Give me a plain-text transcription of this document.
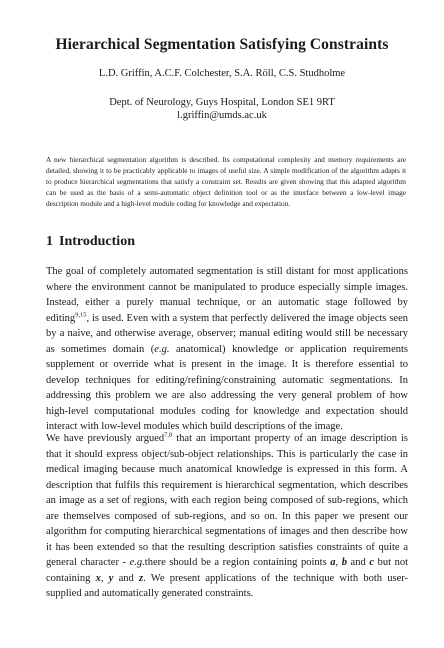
Hierarchical Segmentation Satisfying Constraints
L.D. Griffin, A.C.F. Colchester, S.A. Röll, C.S. Studholme
Dept. of Neurology, Guys Hospital, London SE1 9RT
l.griffin@umds.ac.uk

A new hierarchical segmentation algorithm is described. Its computational complexity and memory requirements are detailed, showing it to be practicably applicable to images of useful size. A simple modification of the algorithm adapts it to produce hierarchical segmentations that satisfy a constraint set. Results are given showing that this adapted algorithm can be used as the basis of a semi-automatic object definition tool or as the interface between a low-level image description module and a high-level module coding for knowledge and expectation.

1 Introduction

The goal of completely automated segmentation is still distant for most applications where the environment cannot be manipulated to produce especially simple images. Instead, either a purely manual technique, or an automatic stage followed by editing$^{9,15}$, is used. Even with a system that perfectly delivered the image objects seen by a naive, and otherwise average, observer; manual editing would still be necessary as sometimes domain (e.g. anatomical) knowledge or application requirements supplement or override what is present in the image. It is therefore essential to develop techniques for editing/refining/constraining automatic segmentations. In addressing this problem we are also addressing the very general problem of how high-level computational modules coding for knowledge and expectation should interact with low-level modules which build descriptions of the image.

We have previously argued$^{7,8}$ that an important property of an image description is that it should express object/sub-object relationships. This is particularly the case in medical imaging because much anatomical knowledge is expressed in this form. A description that fulfils this requirement is hierarchical segmentation, which describes an image as a set of regions, with each region being composed of sub-regions, which are themselves composed of sub-regions, and so on. In this paper we present our algorithm for computing hierarchical segmentations of images and then describe how it has been extended so that the resulting description satisfies constraints of quite a general character - e.g.there should be a region containing points a, b and c but not containing x, y and z. We present applications of the technique with both user-supplied and automatically generated constraints.
